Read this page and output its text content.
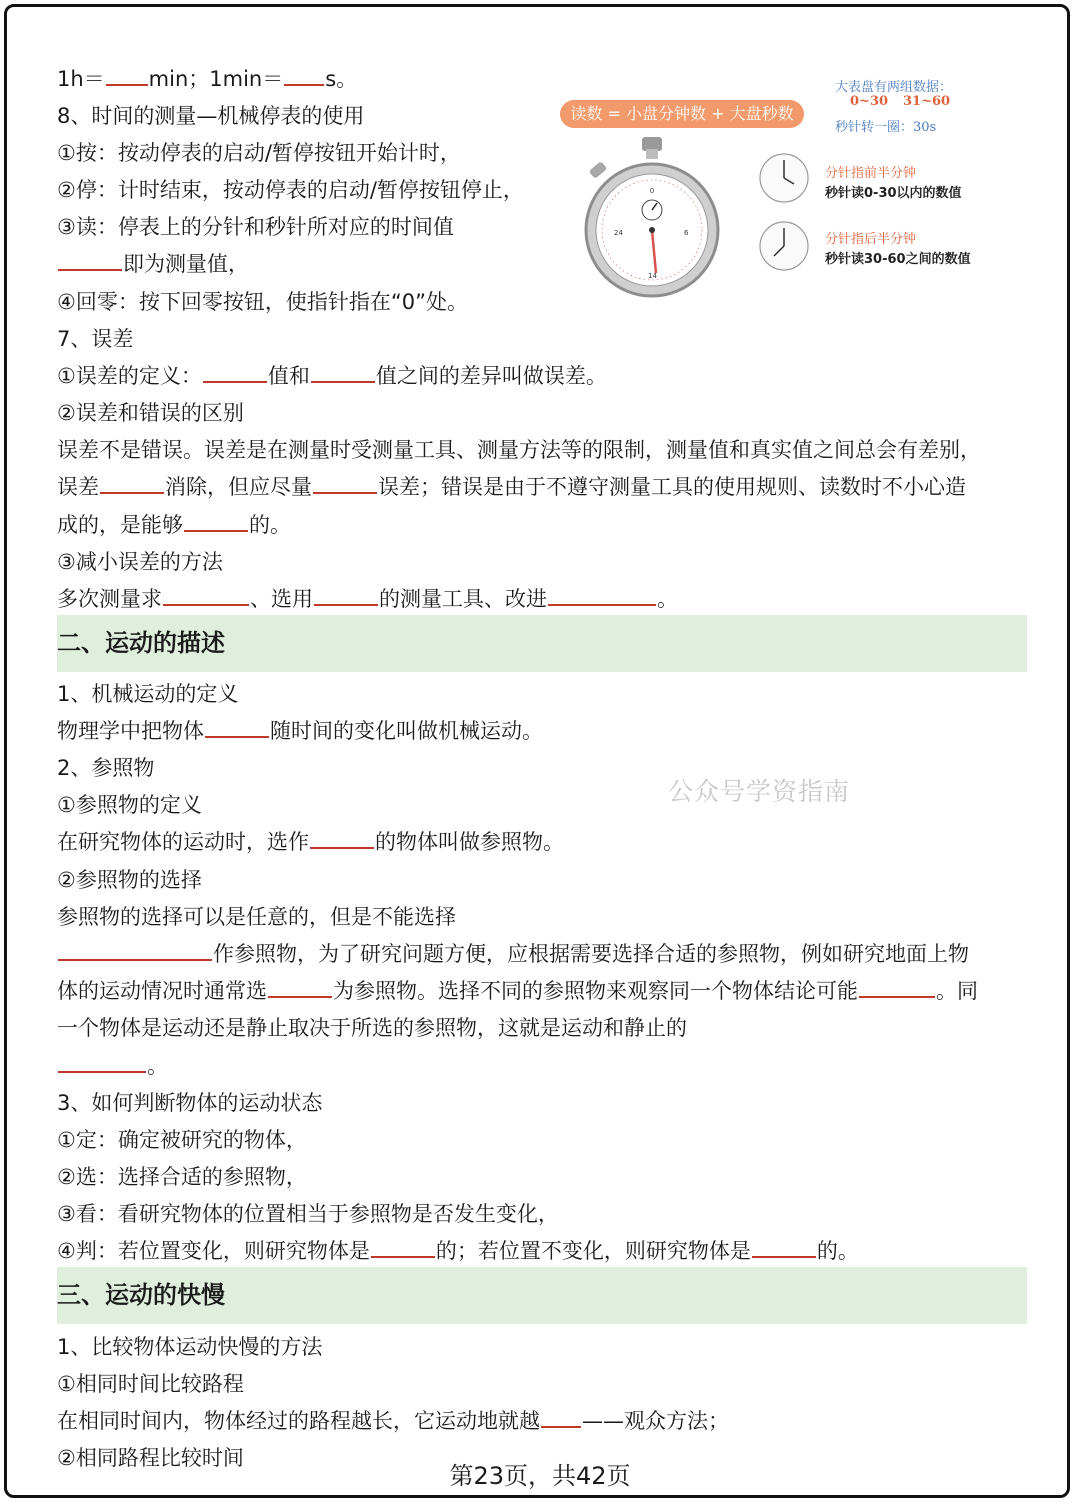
1h＝ min；1min＝ s。
8、时间的测量—机械停表的使用
①按：按动停表的启动/暂停按钮开始计时，
②停：计时结束，按动停表的启动/暂停按钮停止，
③读：停表上的分针和秒针所对应的时间值
即为测量值，
④回零：按下回零按钮，使指针指在“0”处。
7、误差
①误差的定义：	值和	值之间的差异叫做误差。
②误差和错误的区别
误差不是错误。误差是在测量时受测量工具、测量方法等的限制，测量值和真实值之间总会有差别，
误差	消除，但应尽量	误差；错误是由于不遵守测量工具的使用规则、读数时不小心造
成的，是能够	的。
③减小误差的方法
多次测量求	、选用	的测量工具、改进	。
二、运动的描述
1、机械运动的定义
物理学中把物体	随时间的变化叫做机械运动。
2、参照物
①参照物的定义
在研究物体的运动时，选作	的物体叫做参照物。
②参照物的选择
参照物的选择可以是任意的，但是不能选择
作参照物，为了研究问题方便，应根据需要选择合适的参照物，例如研究地面上物
体的运动情况时通常选	为参照物。选择不同的参照物来观察同一个物体结论可能	。同
一个物体是运动还是静止取决于所选的参照物，这就是运动和静止的
。
3、如何判断物体的运动状态
①定：确定被研究的物体，
②选：选择合适的参照物，
③看：看研究物体的位置相当于参照物是否发生变化，
④判：若位置变化，则研究物体是	的；若位置不变化，则研究物体是	的。
三、运动的快慢
1、比较物体运动快慢的方法
①相同时间比较路程
在相同时间内，物体经过的路程越长，它运动地就越 ——观众方法；
②相同路程比较时间
读数 = 小盘分钟数 + 大盘秒数
0
24	6
14
大表盘有两组数据：
0~30 31~60
秒针转一圈：30s
分针指前半分钟
秒针读0-30以内的数值
分针指后半分钟
秒针读30-60之间的数值
公众号学资指南
第23页，共42页
